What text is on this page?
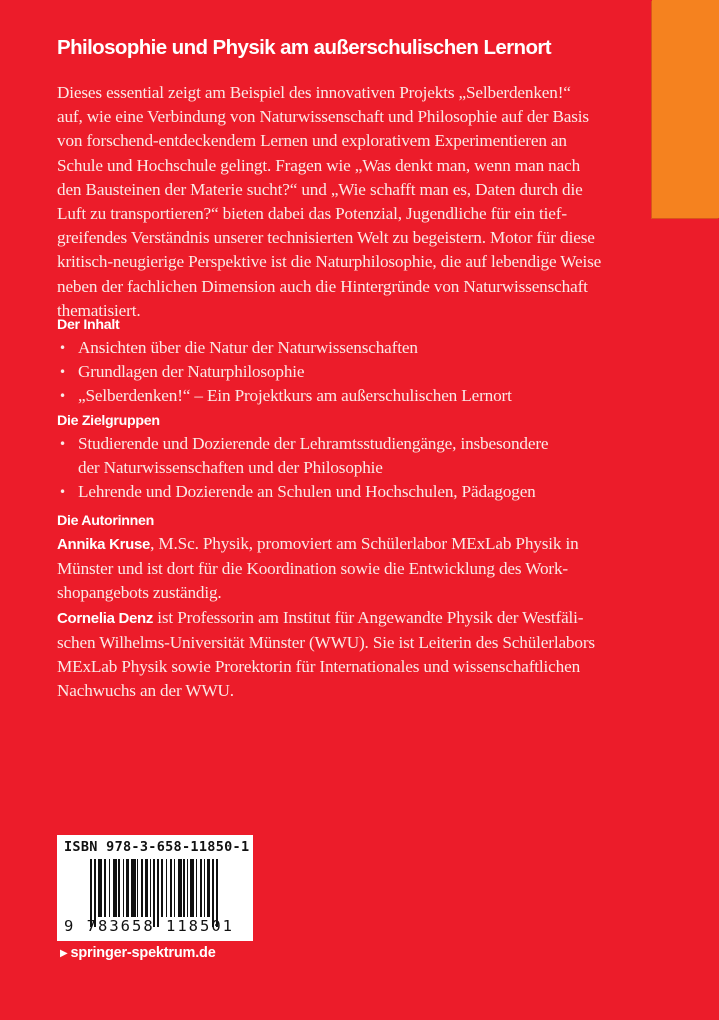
Philosophie und Physik am außerschulischen Lernort
Dieses essential zeigt am Beispiel des innovativen Projekts „Selberdenken!“
auf, wie eine Verbindung von Naturwissenschaft und Philosophie auf der Basis
von forschend-entdeckendem Lernen und explorativem Experimentieren an
Schule und Hochschule gelingt. Fragen wie „Was denkt man, wenn man nach
den Bausteinen der Materie sucht?“ und „Wie schafft man es, Daten durch die
Luft zu transportieren?“ bieten dabei das Potenzial, Jugendliche für ein tief-
greifendes Verständnis unserer technisierten Welt zu begeistern. Motor für diese
kritisch-neugierige Perspektive ist die Naturphilosophie, die auf lebendige Weise
neben der fachlichen Dimension auch die Hintergründe von Naturwissenschaft
thematisiert.
Der Inhalt
• Ansichten über die Natur der Naturwissenschaften
• Grundlagen der Naturphilosophie
• „Selberdenken!“ – Ein Projektkurs am außerschulischen Lernort
Die Zielgruppen
• Studierende und Dozierende der Lehramtsstudiengänge, insbesondere
der Naturwissenschaften und der Philosophie
• Lehrende und Dozierende an Schulen und Hochschulen, Pädagogen
Die Autorinnen
Annika Kruse, M.Sc. Physik, promoviert am Schülerlabor MExLab Physik in
Münster und ist dort für die Koordination sowie die Entwicklung des Work-
shopangebots zuständig.
Cornelia Denz ist Professorin am Institut für Angewandte Physik der Westfäli-
schen Wilhelms-Universität Münster (WWU). Sie ist Leiterin des Schülerlabors
MExLab Physik sowie Prorektorin für Internationales und wissenschaftlichen
Nachwuchs an der WWU.
ISBN 978-3-658-11850-1
9 783658 118501
▶ springer-spektrum.de
